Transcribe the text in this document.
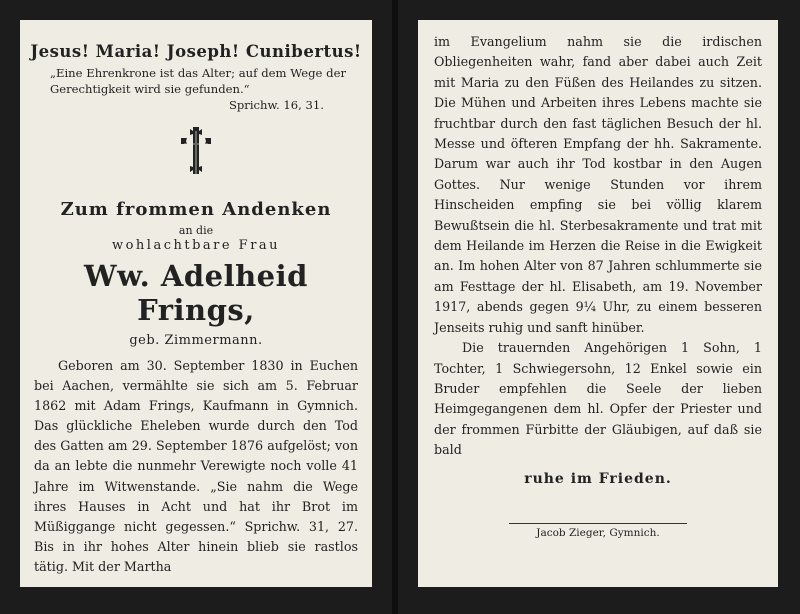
Jesus! Maria! Joseph! Cunibertus!
„Eine Ehrenkrone ist das Alter; auf dem Wege der Gerechtigkeit wird sie gefunden.“
Sprichw. 16, 31.
Zum frommen Andenken
an die
wohlachtbare Frau
Ww. Adelheid Frings,
geb. Zimmermann.
Geboren am 30. September 1830 in Euchen bei Aachen, vermählte sie sich am 5. Februar 1862 mit Adam Frings, Kaufmann in Gymnich. Das glückliche Eheleben wurde durch den Tod des Gatten am 29. September 1876 aufgelöst; von da an lebte die nunmehr Verewigte noch volle 41 Jahre im Witwenstande. „Sie nahm die Wege ihres Hauses in Acht und hat ihr Brot im Müßiggange nicht gegessen.“ Sprichw. 31, 27. Bis in ihr hohes Alter hinein blieb sie rastlos tätig. Mit der Martha

im Evangelium nahm sie die irdischen Obliegenheiten wahr, fand aber dabei auch Zeit mit Maria zu den Füßen des Heilandes zu sitzen. Die Mühen und Arbeiten ihres Lebens machte sie fruchtbar durch den fast täglichen Besuch der hl. Messe und öfteren Empfang der hh. Sakramente. Darum war auch ihr Tod kostbar in den Augen Gottes. Nur wenige Stunden vor ihrem Hinscheiden empfing sie bei völlig klarem Bewußtsein die hl. Sterbesakramente und trat mit dem Heilande im Herzen die Reise in die Ewigkeit an. Im hohen Alter von 87 Jahren schlummerte sie am Festtage der hl. Elisabeth, am 19. November 1917, abends gegen 9¼ Uhr, zu einem besseren Jenseits ruhig und sanft hinüber.

Die trauernden Angehörigen 1 Sohn, 1 Tochter, 1 Schwiegersohn, 12 Enkel sowie ein Bruder empfehlen die Seele der lieben Heimgegangenen dem hl. Opfer der Priester und der frommen Fürbitte der Gläubigen, auf daß sie bald

ruhe im Frieden.
Jacob Zieger, Gymnich.
